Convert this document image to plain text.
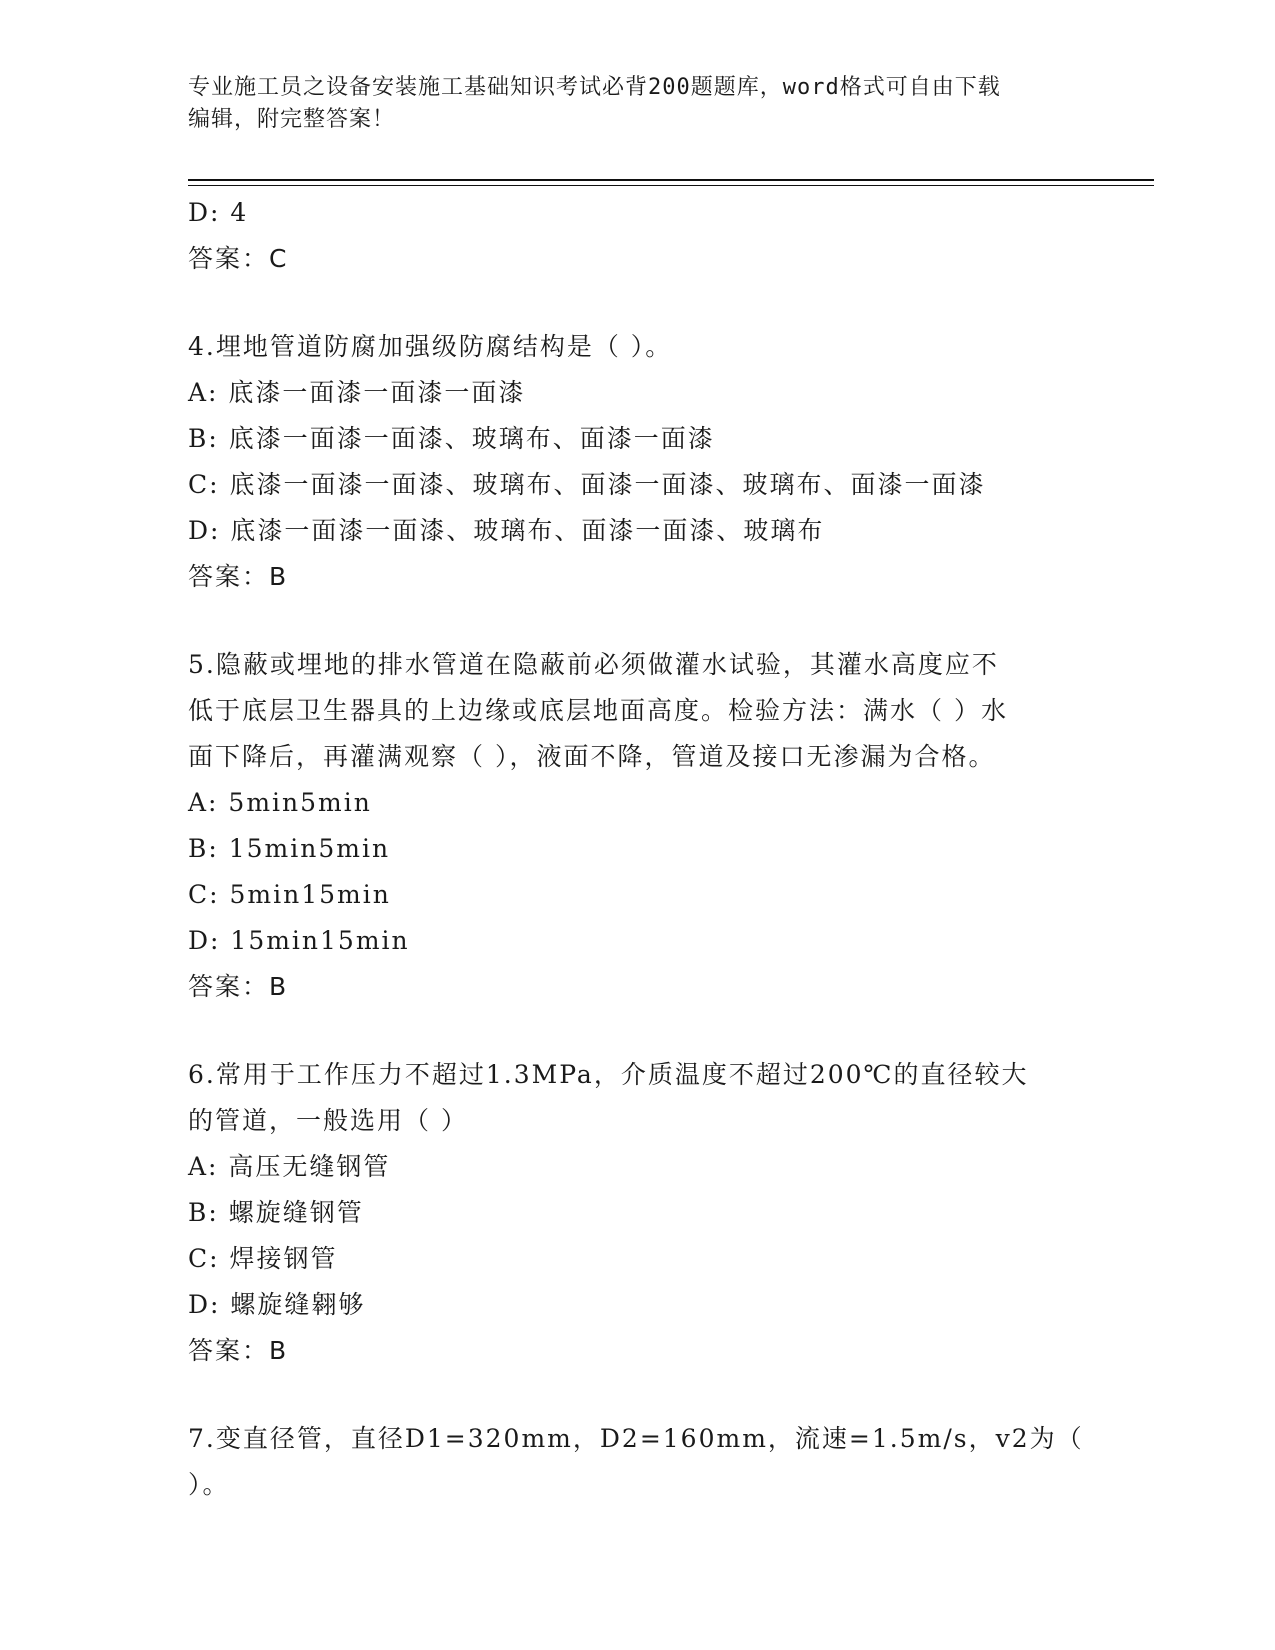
专业施工员之设备安装施工基础知识考试必背200题题库，word格式可自由下载
编辑，附完整答案！
D: 4
答案：C
4.埋地管道防腐加强级防腐结构是（ ）。
A: 底漆一面漆一面漆一面漆
B: 底漆一面漆一面漆、玻璃布、面漆一面漆
C: 底漆一面漆一面漆、玻璃布、面漆一面漆、玻璃布、面漆一面漆
D: 底漆一面漆一面漆、玻璃布、面漆一面漆、玻璃布
答案：B
5.隐蔽或埋地的排水管道在隐蔽前必须做灌水试验，其灌水高度应不
低于底层卫生器具的上边缘或底层地面高度。检验方法：满水（ ）水
面下降后，再灌满观察（ ），液面不降，管道及接口无渗漏为合格。
A: 5min5min
B: 15min5min
C: 5min15min
D: 15min15min
答案：B
6.常用于工作压力不超过1.3MPa，介质温度不超过200℃的直径较大
的管道，一般选用（ ）
A: 高压无缝钢管
B: 螺旋缝钢管
C: 焊接钢管
D: 螺旋缝翱够
答案：B
7.变直径管，直径D1=320mm，D2=160mm，流速=1.5m/s，v2为（ ）。
